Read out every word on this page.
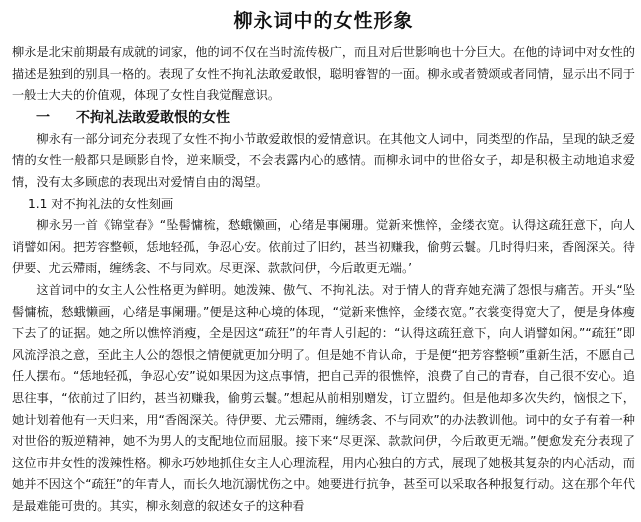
柳永词中的女性形象

柳永是北宋前期最有成就的词家，他的词不仅在当时流传极广，而且对后世影响也十分巨大。在他的诗词中对女性的描述是独到的别具一格的。表现了女性不拘礼法敢爱敢恨，聪明睿智的一面。柳永或者赞颂或者同情，显示出不同于一般士大夫的价值观，体现了女性自我觉醒意识。

一 不拘礼法敢爱敢恨的女性

柳永有一部分词充分表现了女性不拘小节敢爱敢恨的爱情意识。在其他文人词中，同类型的作品，呈现的缺乏爱情的女性一般都只是顾影自怜，逆来顺受，不会表露内心的感情。而柳永词中的世俗女子，却是积极主动地追求爱情，没有太多顾虑的表现出对爱情自由的渴望。

1.1 对不拘礼法的女性刻画

柳永另一首《锦堂春》“坠髻慵梳，愁蛾懒画，心绪是事阑珊。觉新来憔悴，金缕衣宽。认得这疏狂意下，向人诮譬如闲。把芳容整顿，恁地轻孤，争忍心安。依前过了旧约，甚当初赚我，偷剪云鬟。几时得归来，香阁深关。待伊要、尤云殢雨，缠绣衾、不与同欢。尽更深、款款问伊，今后敢更无端。’

这首词中的女主人公性格更为鲜明。她泼辣、傲气、不拘礼法。对于情人的背弃她充满了怨恨与痛苦。开头“坠髻慵梳，愁蛾懒画，心绪是事阑珊。”便是这种心境的体现，“觉新来憔悴，金缕衣宽。”衣裳变得宽大了，便是身体瘦下去了的证据。她之所以憔悴消瘦，全是因这“疏狂”的年青人引起的：“认得这疏狂意下，向人诮譬如闲。”“疏狂”即风流浮浪之意，至此主人公的怨恨之情便就更加分明了。但是她不肯认命，于是便“把芳容整顿”重新生活，不愿自己任人摆布。“恁地轻孤，争忍心安”说如果因为这点事情，把自己弄的很憔悴，浪费了自己的青春，自己很不安心。追思往事，“依前过了旧约，甚当初赚我，偷剪云鬟。”想起从前相别赠发，订立盟约。但是他却多次失约，恼恨之下，她计划着他有一天归来，用“香阁深关。待伊要、尤云殢雨，缠绣衾、不与同欢”的办法教训他。词中的女子有着一种对世俗的叛逆精神，她不为男人的支配地位而屈服。接下来“尽更深、款款问伊，今后敢更无端。”便愈发充分表现了这位市井女性的泼辣性格。柳永巧妙地抓住女主人心理流程，用内心独白的方式，展现了她极其复杂的内心活动，而她并不因这个“疏狂”的年青人，而长久地沉溺忧伤之中。她要进行抗争，甚至可以采取各种报复行动。这在那个年代是最难能可贵的。其实，柳永刻意的叙述女子的这种看
